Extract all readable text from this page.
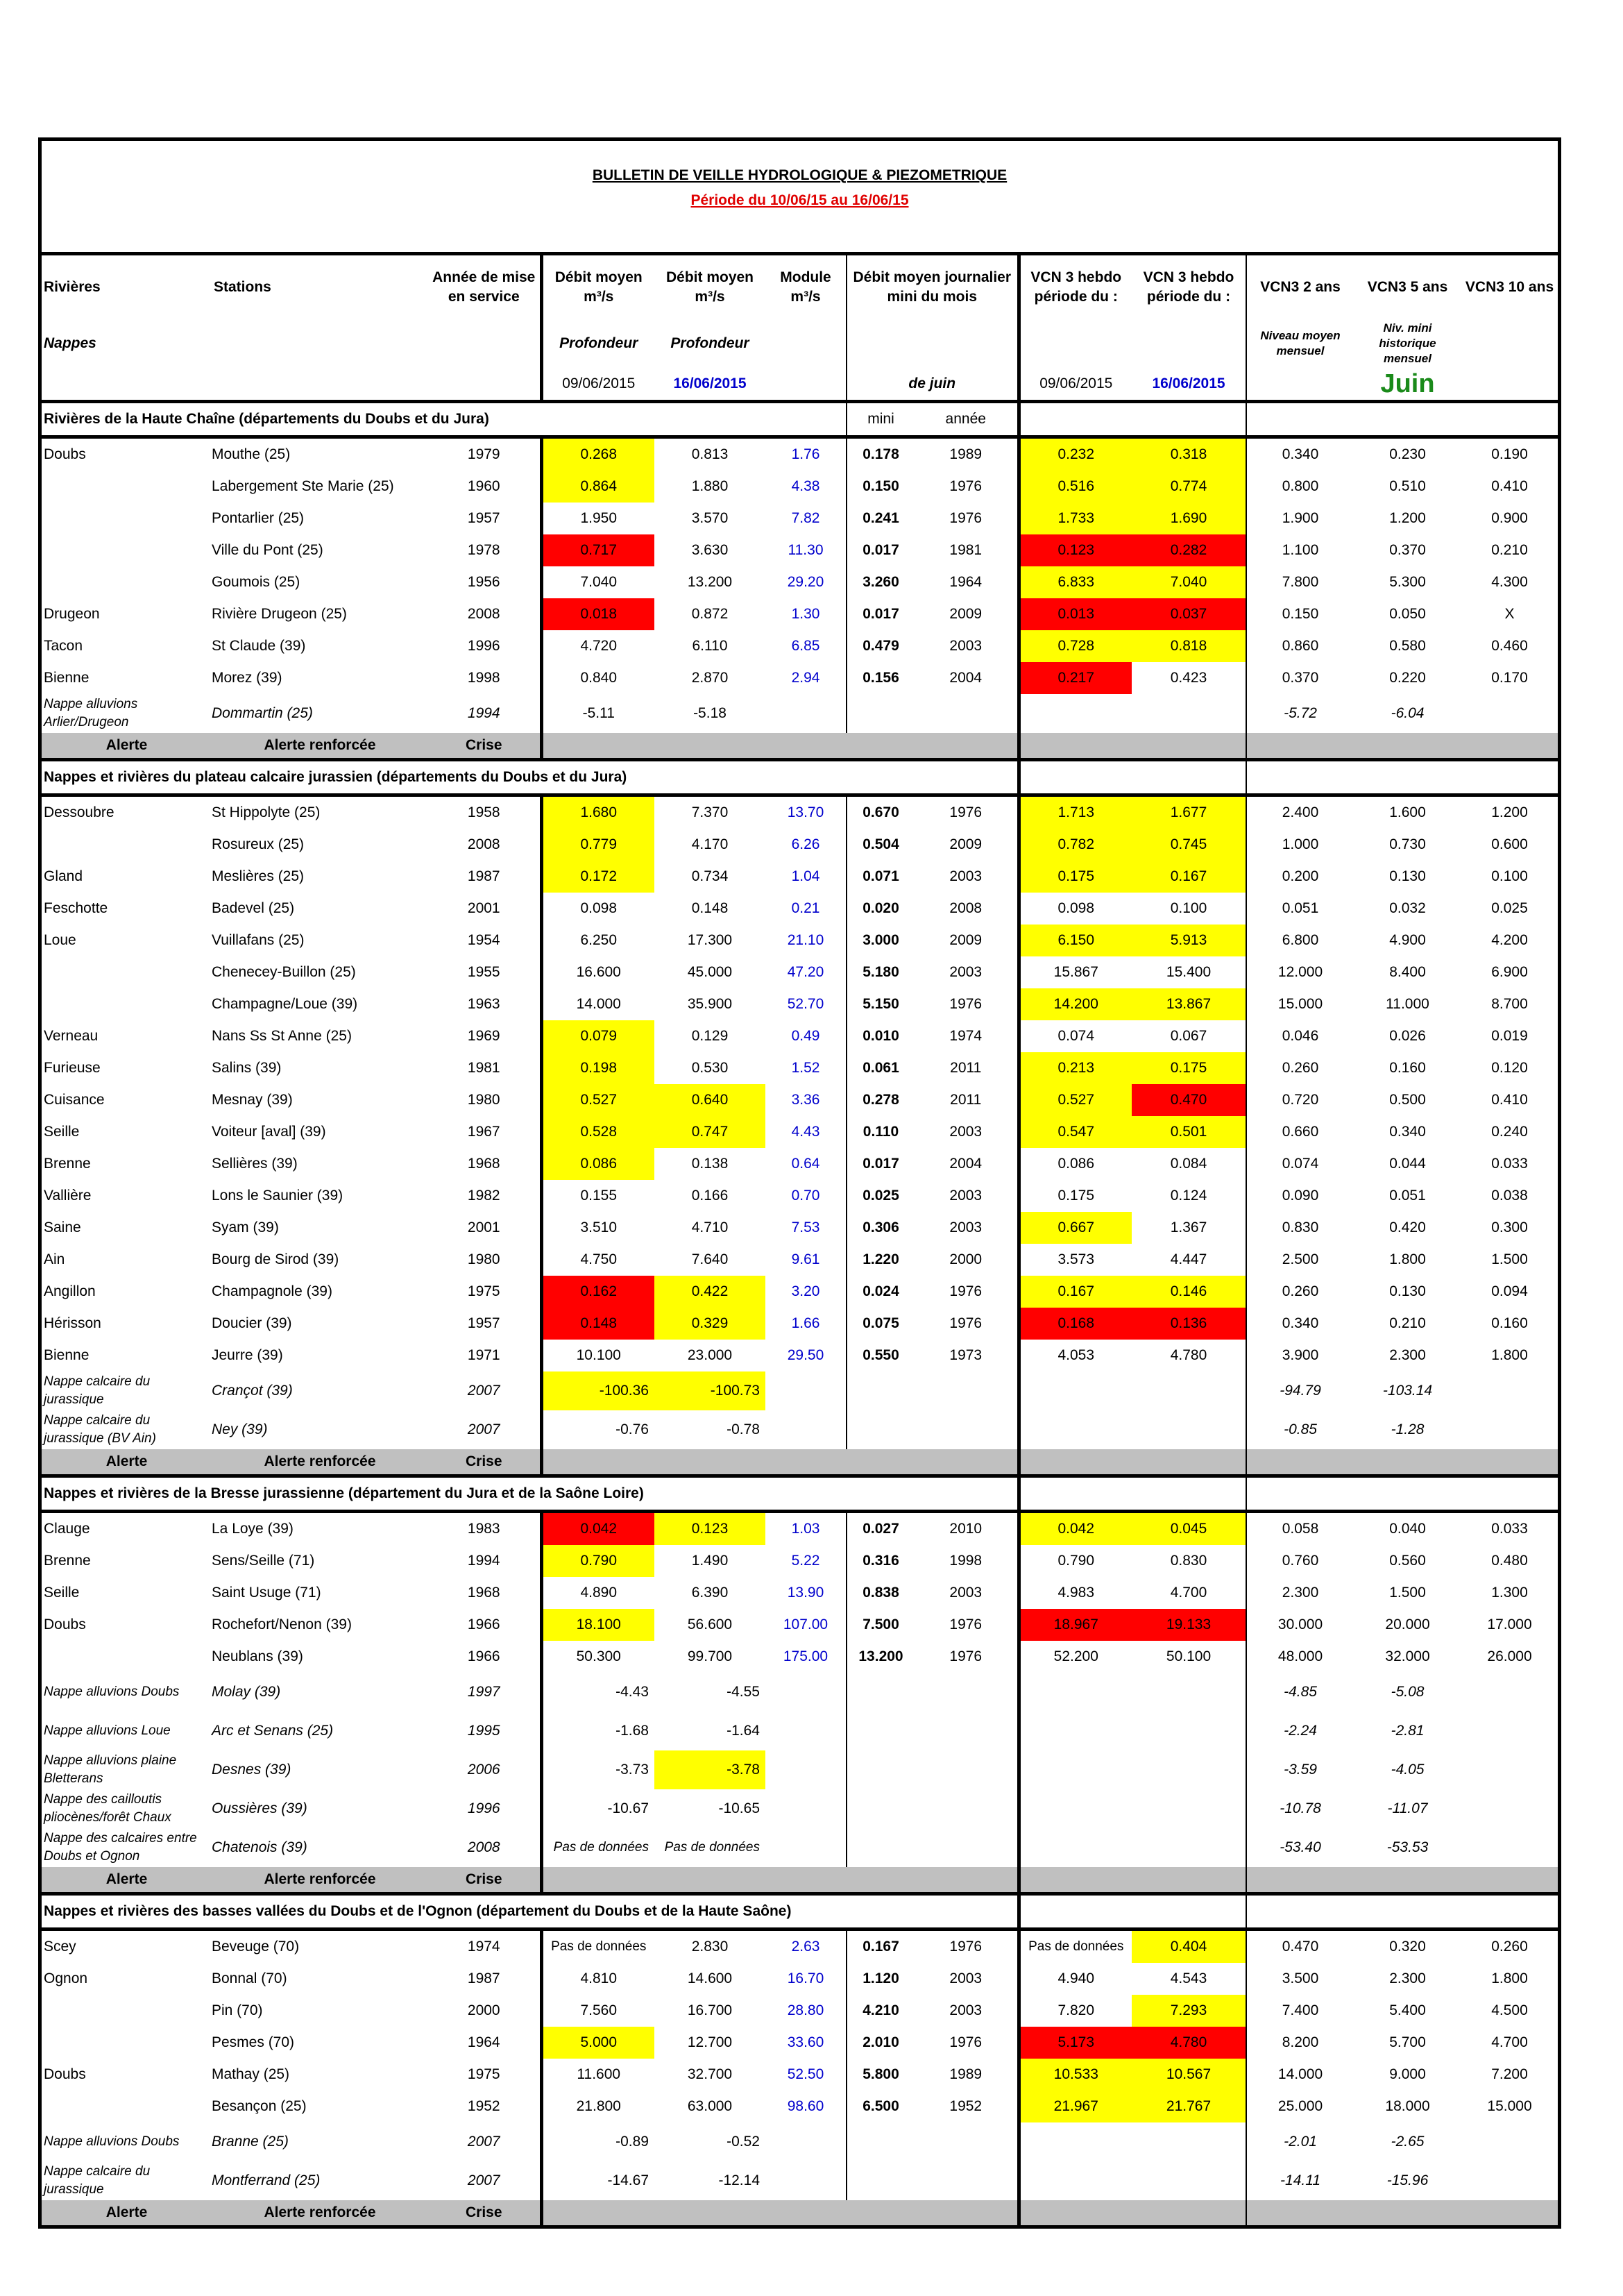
BULLETIN DE VEILLE HYDROLOGIQUE & PIEZOMETRIQUE
Période du 10/06/15 au 16/06/15
Rivières	Stations	Année de mise en service	Débit moyen m³/s	Débit moyen m³/s	Module m³/s	Débit moyen journalier mini du mois		VCN 3 hebdo période du :	VCN 3 hebdo période du :	VCN3 2 ans	VCN3 5 ans	VCN3 10 ans
Nappes			Profondeur	Profondeur						Niveau moyen mensuel	Niv. mini historique mensuel	
			09/06/2015	16/06/2015		de juin		09/06/2015	16/06/2015		Juin	
Rivières de la Haute Chaîne (départements du Doubs et du Jura)						mini	année					
Doubs	Mouthe (25)	1979	0.268	0.813	1.76	0.178	1989	0.232	0.318	0.340	0.230	0.190
	Labergement Ste Marie (25)	1960	0.864	1.880	4.38	0.150	1976	0.516	0.774	0.800	0.510	0.410
	Pontarlier (25)	1957	1.950	3.570	7.82	0.241	1976	1.733	1.690	1.900	1.200	0.900
	Ville du Pont (25)	1978	0.717	3.630	11.30	0.017	1981	0.123	0.282	1.100	0.370	0.210
	Goumois (25)	1956	7.040	13.200	29.20	3.260	1964	6.833	7.040	7.800	5.300	4.300
Drugeon	Rivière Drugeon (25)	2008	0.018	0.872	1.30	0.017	2009	0.013	0.037	0.150	0.050	X
Tacon	St Claude (39)	1996	4.720	6.110	6.85	0.479	2003	0.728	0.818	0.860	0.580	0.460
Bienne	Morez (39)	1998	0.840	2.870	2.94	0.156	2004	0.217	0.423	0.370	0.220	0.170
Nappe alluvions Arlier/Drugeon	Dommartin (25)	1994	-5.11	-5.18						-5.72	-6.04	
Alerte	Alerte renforcée	Crise										
Nappes et rivières du plateau calcaire jurassien (départements du Doubs et du Jura)												
Dessoubre	St Hippolyte (25)	1958	1.680	7.370	13.70	0.670	1976	1.713	1.677	2.400	1.600	1.200
	Rosureux (25)	2008	0.779	4.170	6.26	0.504	2009	0.782	0.745	1.000	0.730	0.600
Gland	Meslières (25)	1987	0.172	0.734	1.04	0.071	2003	0.175	0.167	0.200	0.130	0.100
Feschotte	Badevel (25)	2001	0.098	0.148	0.21	0.020	2008	0.098	0.100	0.051	0.032	0.025
Loue	Vuillafans (25)	1954	6.250	17.300	21.10	3.000	2009	6.150	5.913	6.800	4.900	4.200
	Chenecey-Buillon (25)	1955	16.600	45.000	47.20	5.180	2003	15.867	15.400	12.000	8.400	6.900
	Champagne/Loue (39)	1963	14.000	35.900	52.70	5.150	1976	14.200	13.867	15.000	11.000	8.700
Verneau	Nans Ss St Anne (25)	1969	0.079	0.129	0.49	0.010	1974	0.074	0.067	0.046	0.026	0.019
Furieuse	Salins (39)	1981	0.198	0.530	1.52	0.061	2011	0.213	0.175	0.260	0.160	0.120
Cuisance	Mesnay (39)	1980	0.527	0.640	3.36	0.278	2011	0.527	0.470	0.720	0.500	0.410
Seille	Voiteur [aval] (39)	1967	0.528	0.747	4.43	0.110	2003	0.547	0.501	0.660	0.340	0.240
Brenne	Sellières (39)	1968	0.086	0.138	0.64	0.017	2004	0.086	0.084	0.074	0.044	0.033
Vallière	Lons le Saunier (39)	1982	0.155	0.166	0.70	0.025	2003	0.175	0.124	0.090	0.051	0.038
Saine	Syam (39)	2001	3.510	4.710	7.53	0.306	2003	0.667	1.367	0.830	0.420	0.300
Ain	Bourg de Sirod (39)	1980	4.750	7.640	9.61	1.220	2000	3.573	4.447	2.500	1.800	1.500
Angillon	Champagnole (39)	1975	0.162	0.422	3.20	0.024	1976	0.167	0.146	0.260	0.130	0.094
Hérisson	Doucier (39)	1957	0.148	0.329	1.66	0.075	1976	0.168	0.136	0.340	0.210	0.160
Bienne	Jeurre (39)	1971	10.100	23.000	29.50	0.550	1973	4.053	4.780	3.900	2.300	1.800
Nappe calcaire du jurassique	Crançot (39)	2007	-100.36	-100.73						-94.79	-103.14	
Nappe calcaire du jurassique (BV Ain)	Ney (39)	2007	-0.76	-0.78						-0.85	-1.28	
Alerte	Alerte renforcée	Crise										
Nappes et rivières de la Bresse jurassienne (département du Jura et de la Saône Loire)												
Clauge	La Loye (39)	1983	0.042	0.123	1.03	0.027	2010	0.042	0.045	0.058	0.040	0.033
Brenne	Sens/Seille (71)	1994	0.790	1.490	5.22	0.316	1998	0.790	0.830	0.760	0.560	0.480
Seille	Saint Usuge (71)	1968	4.890	6.390	13.90	0.838	2003	4.983	4.700	2.300	1.500	1.300
Doubs	Rochefort/Nenon (39)	1966	18.100	56.600	107.00	7.500	1976	18.967	19.133	30.000	20.000	17.000
	Neublans (39)	1966	50.300	99.700	175.00	13.200	1976	52.200	50.100	48.000	32.000	26.000
Nappe alluvions Doubs	Molay (39)	1997	-4.43	-4.55						-4.85	-5.08	
Nappe alluvions Loue	Arc et Senans (25)	1995	-1.68	-1.64						-2.24	-2.81	
Nappe alluvions plaine Bletterans	Desnes (39)	2006	-3.73	-3.78						-3.59	-4.05	
Nappe des cailloutis pliocènes/forêt Chaux	Oussières (39)	1996	-10.67	-10.65						-10.78	-11.07	
Nappe des calcaires entre Doubs et Ognon	Chatenois (39)	2008	Pas de données	Pas de données						-53.40	-53.53	
Alerte	Alerte renforcée	Crise										
Nappes et rivières des basses vallées du Doubs et de l'Ognon (département du Doubs et de la Haute Saône)												
Scey	Beveuge (70)	1974	Pas de données	2.830	2.63	0.167	1976	Pas de données	0.404	0.470	0.320	0.260
Ognon	Bonnal (70)	1987	4.810	14.600	16.70	1.120	2003	4.940	4.543	3.500	2.300	1.800
	Pin (70)	2000	7.560	16.700	28.80	4.210	2003	7.820	7.293	7.400	5.400	4.500
	Pesmes (70)	1964	5.000	12.700	33.60	2.010	1976	5.173	4.780	8.200	5.700	4.700
Doubs	Mathay (25)	1975	11.600	32.700	52.50	5.800	1989	10.533	10.567	14.000	9.000	7.200
	Besançon (25)	1952	21.800	63.000	98.60	6.500	1952	21.967	21.767	25.000	18.000	15.000
Nappe alluvions Doubs	Branne (25)	2007	-0.89	-0.52						-2.01	-2.65	
Nappe calcaire du jurassique	Montferrand (25)	2007	-14.67	-12.14						-14.11	-15.96	
Alerte	Alerte renforcée	Crise										
